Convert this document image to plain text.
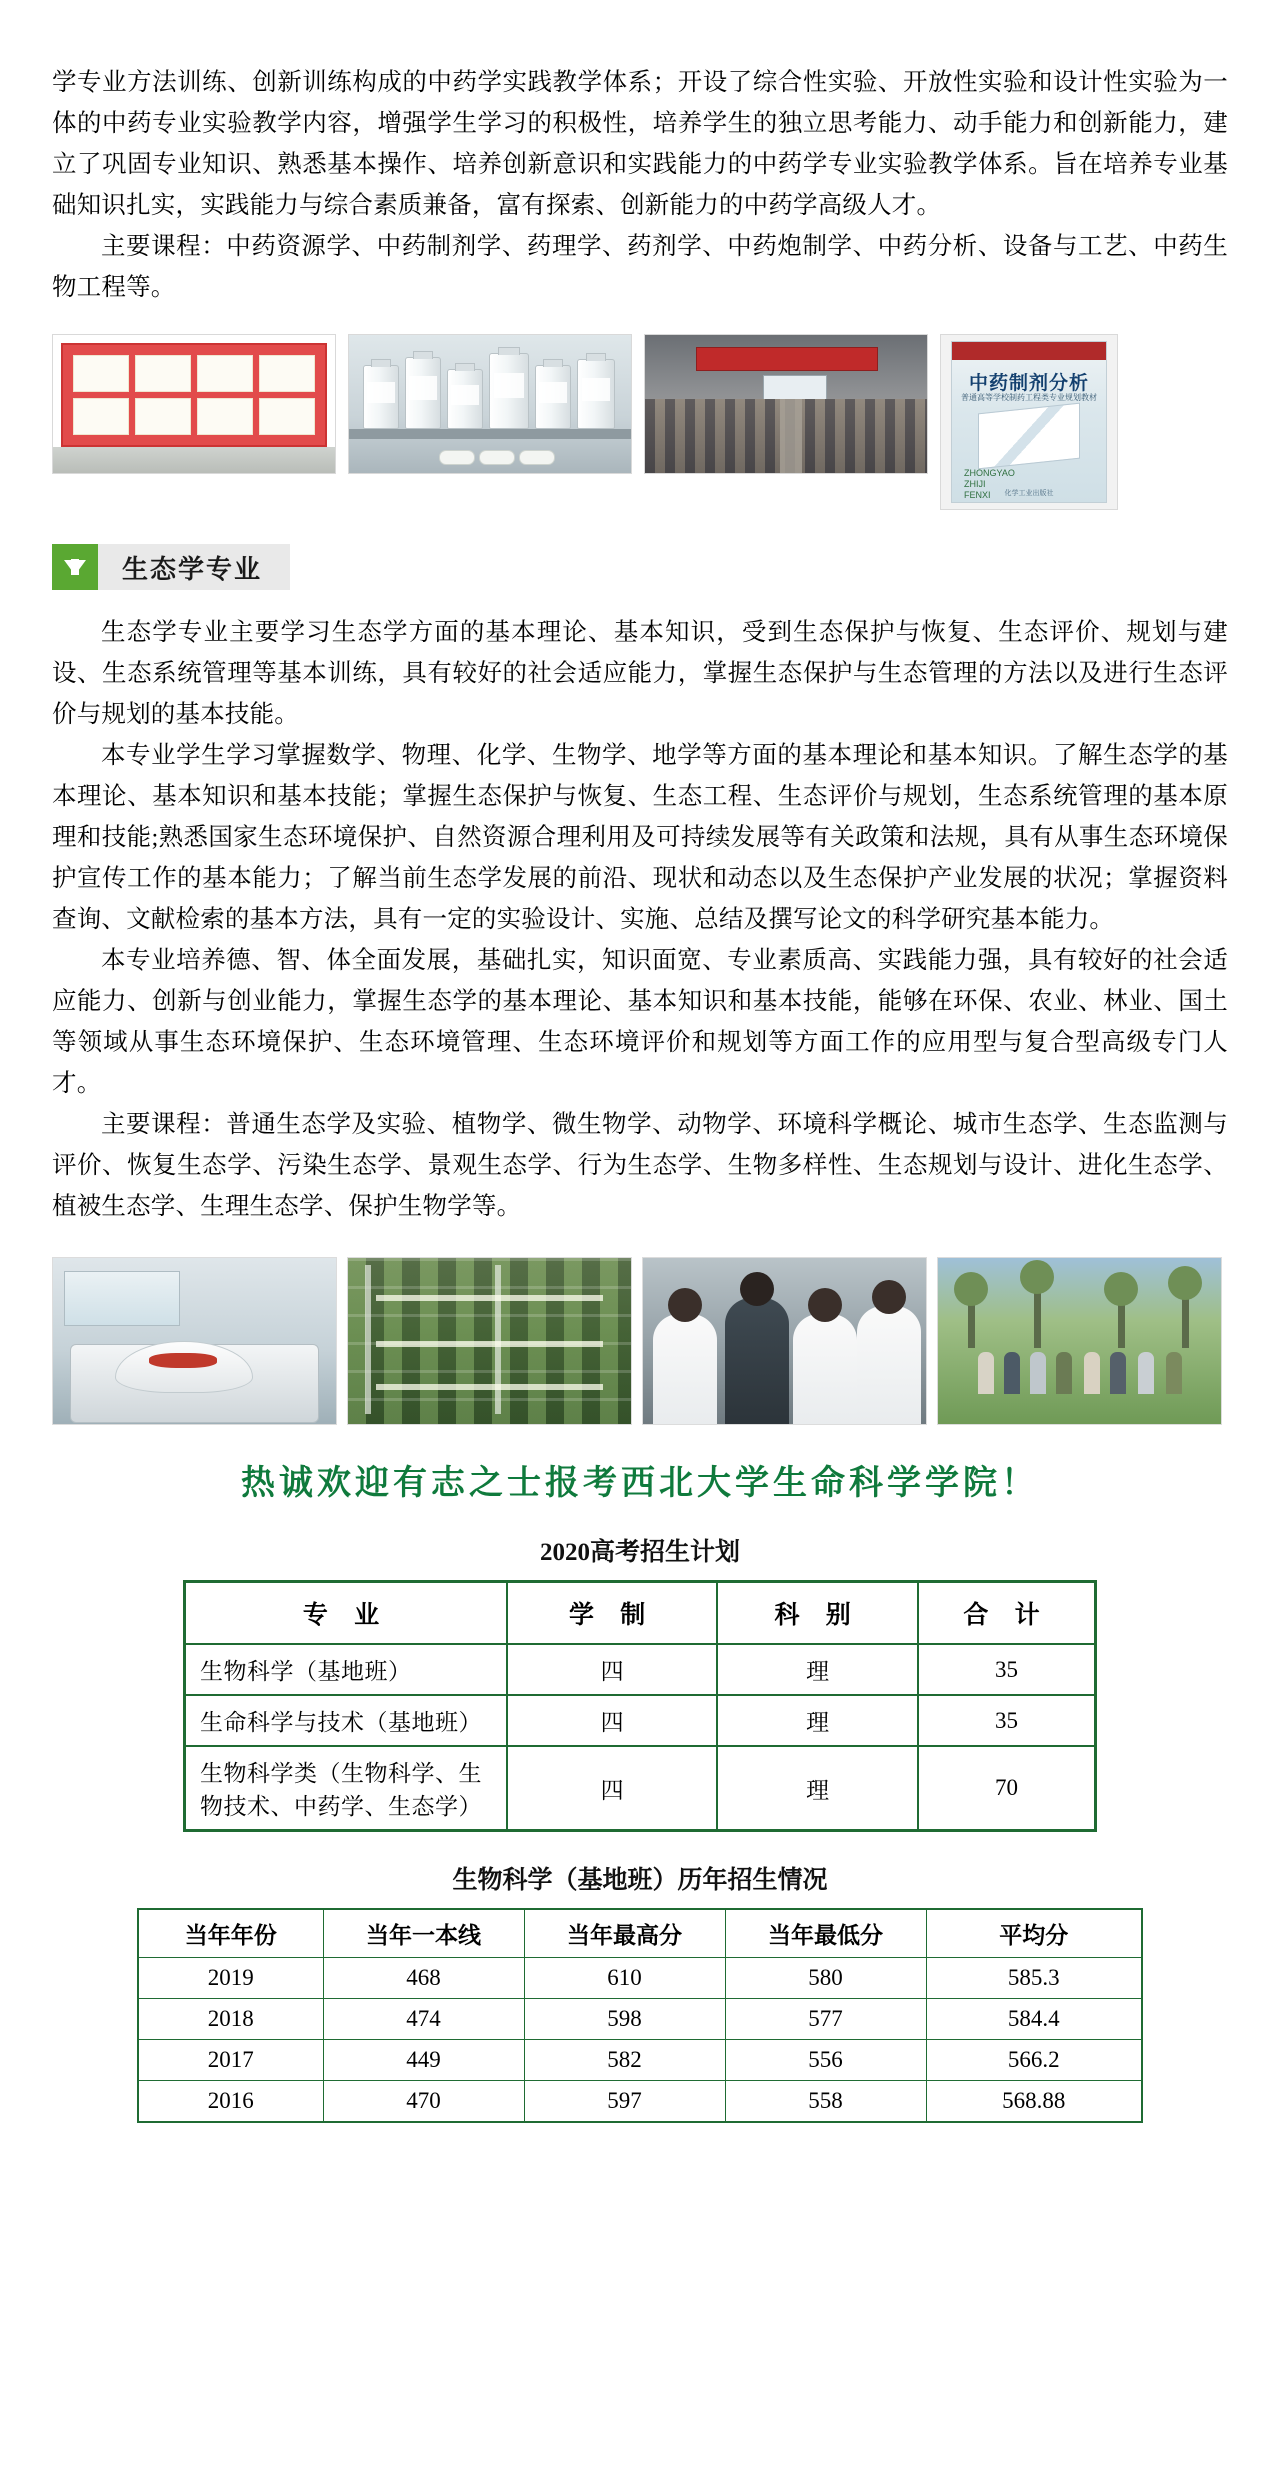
学专业方法训练、创新训练构成的中药学实践教学体系；开设了综合性实验、开放性实验和设计性实验为一体的中药专业实验教学内容，增强学生学习的积极性，培养学生的独立思考能力、动手能力和创新能力，建立了巩固专业知识、熟悉基本操作、培养创新意识和实践能力的中药学专业实验教学体系。旨在培养专业基础知识扎实，实践能力与综合素质兼备，富有探索、创新能力的中药学高级人才。

主要课程：中药资源学、中药制剂学、药理学、药剂学、中药炮制学、中药分析、设备与工艺、中药生物工程等。

中药制剂分析
普通高等学校制药工程类专业规划教材
ZHONGYAO
ZHIJI
FENXI	化学工业出版社
生态学专业

生态学专业主要学习生态学方面的基本理论、基本知识，受到生态保护与恢复、生态评价、规划与建设、生态系统管理等基本训练，具有较好的社会适应能力，掌握生态保护与生态管理的方法以及进行生态评价与规划的基本技能。

本专业学生学习掌握数学、物理、化学、生物学、地学等方面的基本理论和基本知识。了解生态学的基本理论、基本知识和基本技能；掌握生态保护与恢复、生态工程、生态评价与规划，生态系统管理的基本原理和技能;熟悉国家生态环境保护、自然资源合理利用及可持续发展等有关政策和法规，具有从事生态环境保护宣传工作的基本能力；了解当前生态学发展的前沿、现状和动态以及生态保护产业发展的状况；掌握资料查询、文献检索的基本方法，具有一定的实验设计、实施、总结及撰写论文的科学研究基本能力。

本专业培养德、智、体全面发展，基础扎实，知识面宽、专业素质高、实践能力强，具有较好的社会适应能力、创新与创业能力，掌握生态学的基本理论、基本知识和基本技能，能够在环保、农业、林业、国土等领域从事生态环境保护、生态环境管理、生态环境评价和规划等方面工作的应用型与复合型高级专门人才。

主要课程：普通生态学及实验、植物学、微生物学、动物学、环境科学概论、城市生态学、生态监测与评价、恢复生态学、污染生态学、景观生态学、行为生态学、生物多样性、生态规划与设计、进化生态学、植被生态学、生理生态学、保护生物学等。

热诚欢迎有志之士报考西北大学生命科学学院！
2020高考招生计划
专 业	学 制	科 别	合 计
生物科学（基地班）	四	理	35
生命科学与技术（基地班）	四	理	35
生物科学类（生物科学、生物技术、中药学、生态学）	四	理	70
生物科学（基地班）历年招生情况
当年年份	当年一本线	当年最高分	当年最低分	平均分
2019	468	610	580	585.3
2018	474	598	577	584.4
2017	449	582	556	566.2
2016	470	597	558	568.88
